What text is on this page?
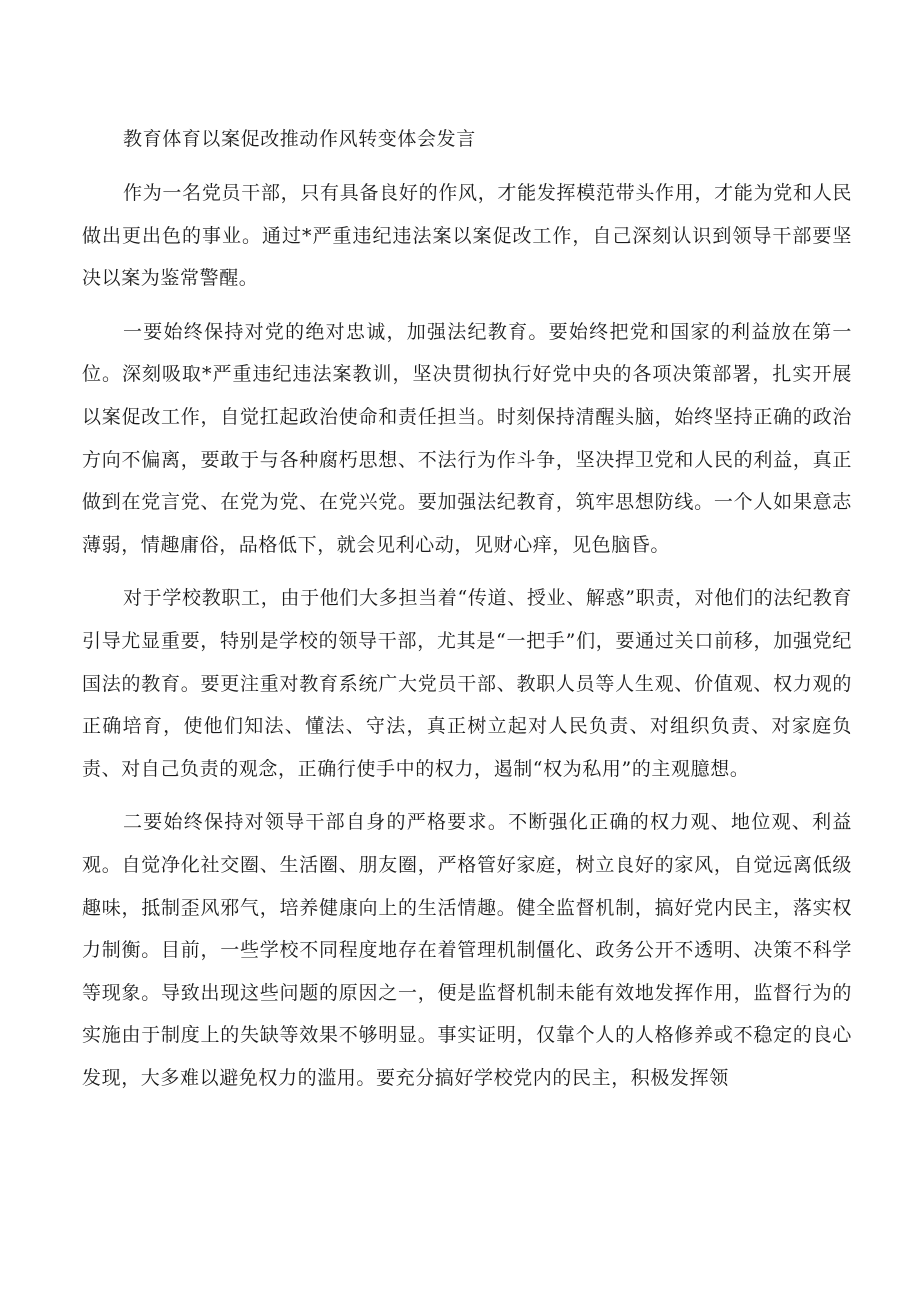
教育体育以案促改推动作风转变体会发言

作为一名党员干部，只有具备良好的作风，才能发挥模范带头作用，才能为党和人民做出更出色的事业。通过*严重违纪违法案以案促改工作，自己深刻认识到领导干部要坚决以案为鉴常警醒。

一要始终保持对党的绝对忠诚，加强法纪教育。要始终把党和国家的利益放在第一位。深刻吸取*严重违纪违法案教训，坚决贯彻执行好党中央的各项决策部署，扎实开展以案促改工作，自觉扛起政治使命和责任担当。时刻保持清醒头脑，始终坚持正确的政治方向不偏离，要敢于与各种腐朽思想、不法行为作斗争，坚决捍卫党和人民的利益，真正做到在党言党、在党为党、在党兴党。要加强法纪教育，筑牢思想防线。一个人如果意志薄弱，情趣庸俗，品格低下，就会见利心动，见财心痒，见色脑昏。

对于学校教职工，由于他们大多担当着“传道、授业、解惑”职责，对他们的法纪教育引导尤显重要，特别是学校的领导干部，尤其是“一把手”们，要通过关口前移，加强党纪国法的教育。要更注重对教育系统广大党员干部、教职人员等人生观、价值观、权力观的正确培育，使他们知法、懂法、守法，真正树立起对人民负责、对组织负责、对家庭负责、对自己负责的观念，正确行使手中的权力，遏制“权为私用”的主观臆想。

二要始终保持对领导干部自身的严格要求。不断强化正确的权力观、地位观、利益观。自觉净化社交圈、生活圈、朋友圈，严格管好家庭，树立良好的家风，自觉远离低级趣味，抵制歪风邪气，培养健康向上的生活情趣。健全监督机制，搞好党内民主，落实权力制衡。目前，一些学校不同程度地存在着管理机制僵化、政务公开不透明、决策不科学等现象。导致出现这些问题的原因之一，便是监督机制未能有效地发挥作用，监督行为的实施由于制度上的失缺等效果不够明显。事实证明，仅靠个人的人格修养或不稳定的良心发现，大多难以避免权力的滥用。要充分搞好学校党内的民主，积极发挥领
